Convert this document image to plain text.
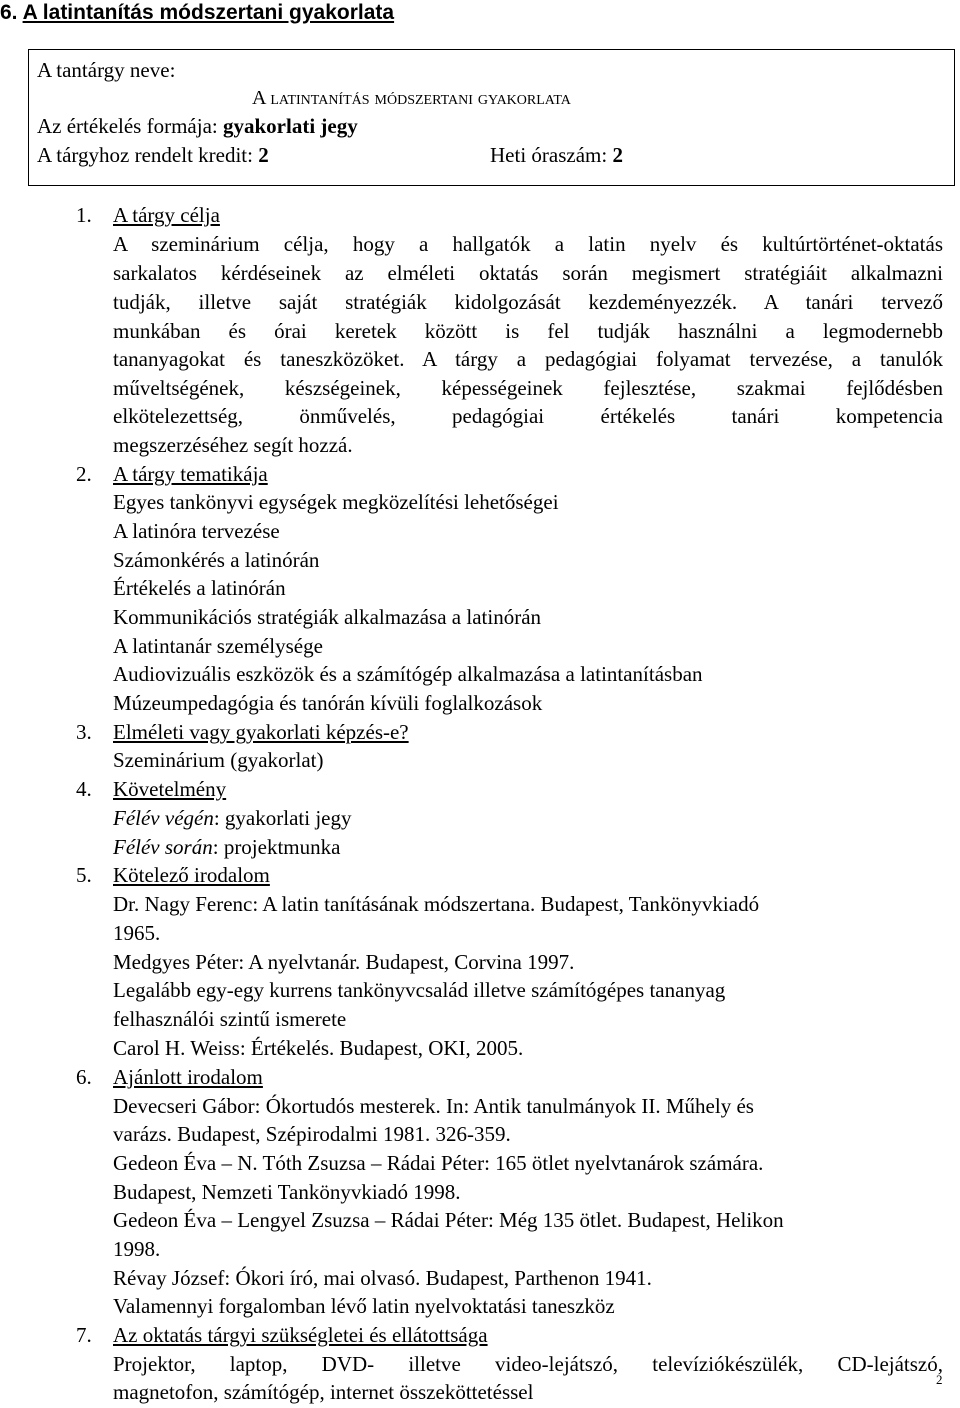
6. A latintanítás módszertani gyakorlata
A tantárgy neve:
A latintanítás módszertani gyakorlata
Az értékelés formája: gyakorlati jegy
A tárgyhoz rendelt kredit: 2	Heti óraszám: 2
1. A tárgy célja
A szeminárium célja, hogy a hallgatók a latin nyelv és kultúrtörténet-oktatás
sarkalatos kérdéseinek az elméleti oktatás során megismert stratégiáit alkalmazni
tudják, illetve saját stratégiák kidolgozását kezdeményezzék. A tanári tervező
munkában és órai keretek között is fel tudják használni a legmodernebb
tananyagokat és taneszközöket. A tárgy a pedagógiai folyamat tervezése, a tanulók
műveltségének, készségeinek, képességeinek fejlesztése, szakmai fejlődésben
elkötelezettség, önművelés, pedagógiai értékelés tanári kompetencia
megszerzéséhez segít hozzá.
2. A tárgy tematikája
Egyes tankönyvi egységek megközelítési lehetőségei
A latinóra tervezése
Számonkérés a latinórán
Értékelés a latinórán
Kommunikációs stratégiák alkalmazása a latinórán
A latintanár személysége
Audiovizuális eszközök és a számítógép alkalmazása a latintanításban
Múzeumpedagógia és tanórán kívüli foglalkozások
3. Elméleti vagy gyakorlati képzés-e?
Szeminárium (gyakorlat)
4. Követelmény
Félév végén: gyakorlati jegy
Félév során: projektmunka
5. Kötelező irodalom
Dr. Nagy Ferenc: A latin tanításának módszertana. Budapest, Tankönyvkiadó
1965.
Medgyes Péter: A nyelvtanár. Budapest, Corvina 1997.
Legalább egy-egy kurrens tankönyvcsalád illetve számítógépes tananyag
felhasználói szintű ismerete
Carol H. Weiss: Értékelés. Budapest, OKI, 2005.
6. Ajánlott irodalom
Devecseri Gábor: Ókortudós mesterek. In: Antik tanulmányok II. Műhely és
varázs. Budapest, Szépirodalmi 1981. 326-359.
Gedeon Éva – N. Tóth Zsuzsa – Rádai Péter: 165 ötlet nyelvtanárok számára.
Budapest, Nemzeti Tankönyvkiadó 1998.
Gedeon Éva – Lengyel Zsuzsa – Rádai Péter: Még 135 ötlet. Budapest, Helikon
1998.
Révay József: Ókori író, mai olvasó. Budapest, Parthenon 1941.
Valamennyi forgalomban lévő latin nyelvoktatási taneszköz
7. Az oktatás tárgyi szükségletei és ellátottsága
Projektor, laptop, DVD- illetve video-lejátszó, televíziókészülék, CD-lejátszó,
magnetofon, számítógép, internet összeköttetéssel
2
